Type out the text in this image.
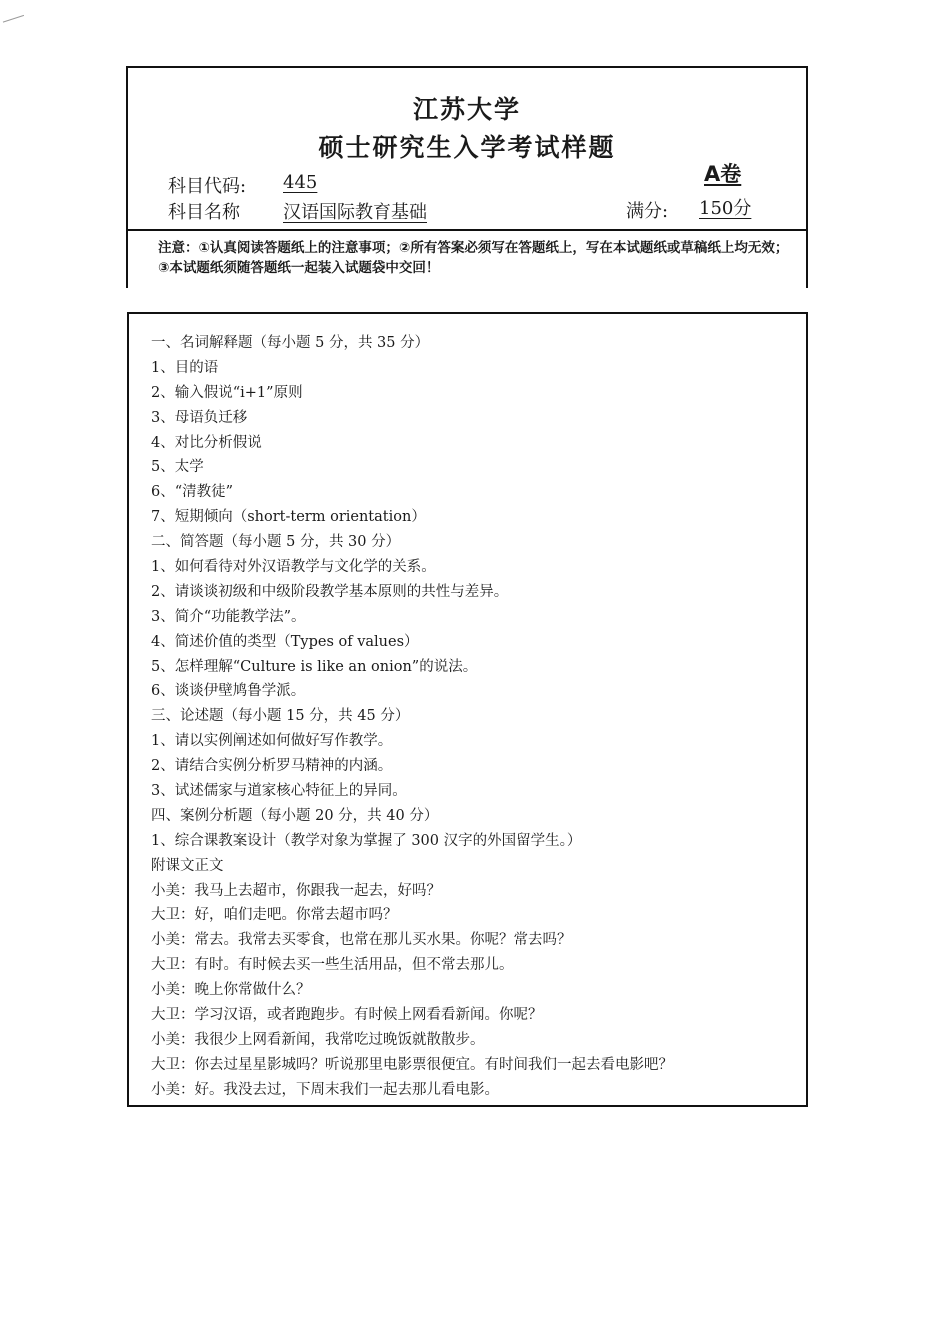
江苏大学
硕士研究生入学考试样题
A卷
科目代码: 445
科目名称 汉语国际教育基础	满分: 150分
注意：①认真阅读答题纸上的注意事项；②所有答案必须写在答题纸上，写在本试题纸或草稿纸上均无效；③本试题纸须随答题纸一起装入试题袋中交回！
一、名词解释题（每小题 5 分，共 35 分）
1、目的语
2、输入假说“i+1”原则
3、母语负迁移
4、对比分析假说
5、太学
6、“清教徒”
7、短期倾向（short-term orientation）
二、简答题（每小题 5 分，共 30 分）
1、如何看待对外汉语教学与文化学的关系。
2、请谈谈初级和中级阶段教学基本原则的共性与差异。
3、简介“功能教学法”。
4、简述价值的类型（Types of values）
5、怎样理解“Culture is like an onion”的说法。
6、谈谈伊壁鸠鲁学派。
三、论述题（每小题 15 分，共 45 分）
1、请以实例阐述如何做好写作教学。
2、请结合实例分析罗马精神的内涵。
3、试述儒家与道家核心特征上的异同。
四、案例分析题（每小题 20 分，共 40 分）
1、综合课教案设计（教学对象为掌握了 300 汉字的外国留学生。）
附课文正文
小美：我马上去超市，你跟我一起去，好吗？
大卫：好，咱们走吧。你常去超市吗？
小美：常去。我常去买零食，也常在那儿买水果。你呢？常去吗？
大卫：有时。有时候去买一些生活用品，但不常去那儿。
小美：晚上你常做什么？
大卫：学习汉语，或者跑跑步。有时候上网看看新闻。你呢？
小美：我很少上网看新闻，我常吃过晚饭就散散步。
大卫：你去过星星影城吗？听说那里电影票很便宜。有时间我们一起去看电影吧？
小美：好。我没去过，下周末我们一起去那儿看电影。
